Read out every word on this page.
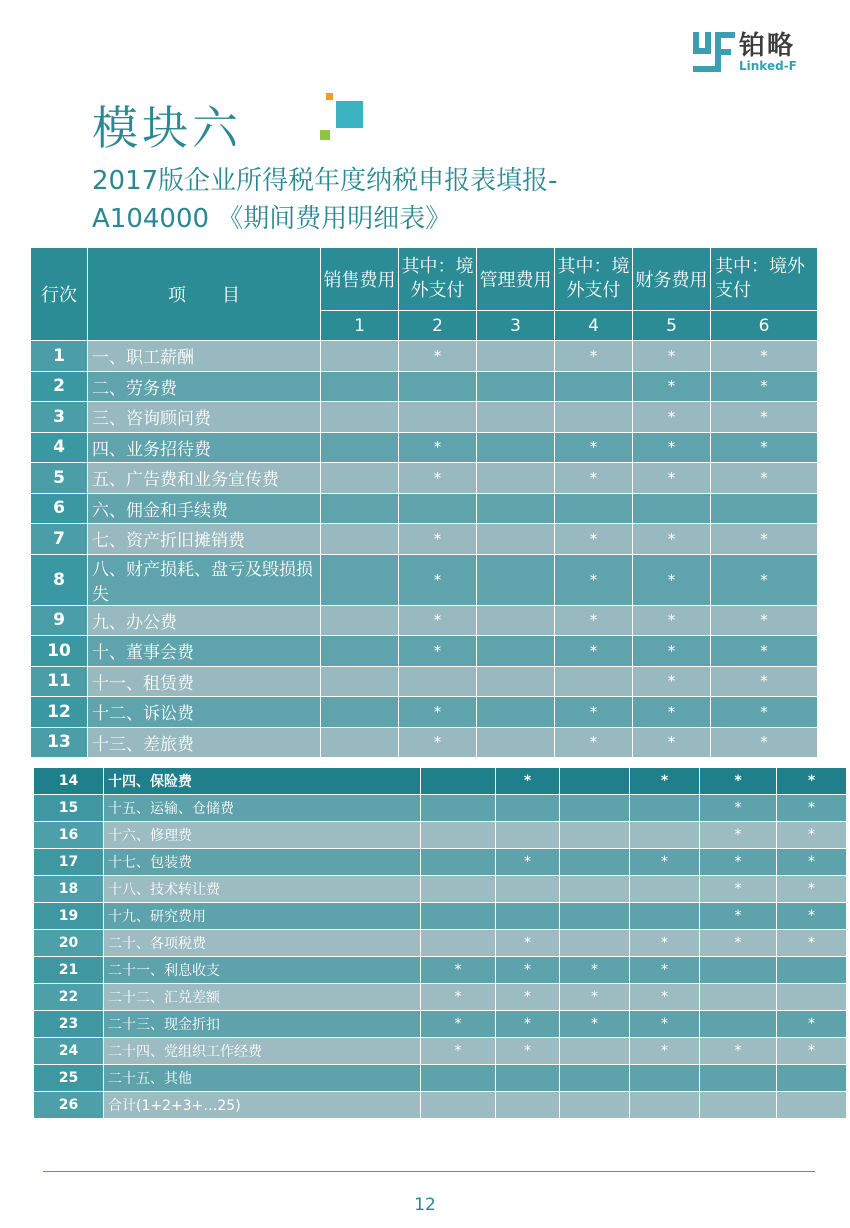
铂略
Linked-F
模块六
2017版企业所得税年度纳税申报表填报-
A104000 《期间费用明细表》
行次	项　　目	销售费用	其中：境外支付	管理费用	其中：境外支付	财务费用	其中：境外支付

		1	2	3	4	5	6
1	一、职工薪酬		*		*	*	*
2	二、劳务费					*	*
3	三、咨询顾问费					*	*
4	四、业务招待费		*		*	*	*
5	五、广告费和业务宣传费		*		*	*	*
6	六、佣金和手续费						
7	七、资产折旧摊销费		*		*	*	*
8	八、财产损耗、盘亏及毁损损失		*		*	*	*
9	九、办公费		*		*	*	*
10	十、董事会费		*		*	*	*
11	十一、租赁费					*	*
12	十二、诉讼费		*		*	*	*
13	十三、差旅费		*		*	*	*
14	十四、保险费		*		*	*	*
15	十五、运输、仓储费					*	*
16	十六、修理费					*	*
17	十七、包装费		*		*	*	*
18	十八、技术转让费					*	*
19	十九、研究费用					*	*
20	二十、各项税费		*		*	*	*
21	二十一、利息收支	*	*	*	*		
22	二十二、汇兑差额	*	*	*	*		
23	二十三、现金折扣	*	*	*	*		*
24	二十四、党组织工作经费	*	*		*	*	*
25	二十五、其他						
26	合计(1+2+3+…25)						
12
